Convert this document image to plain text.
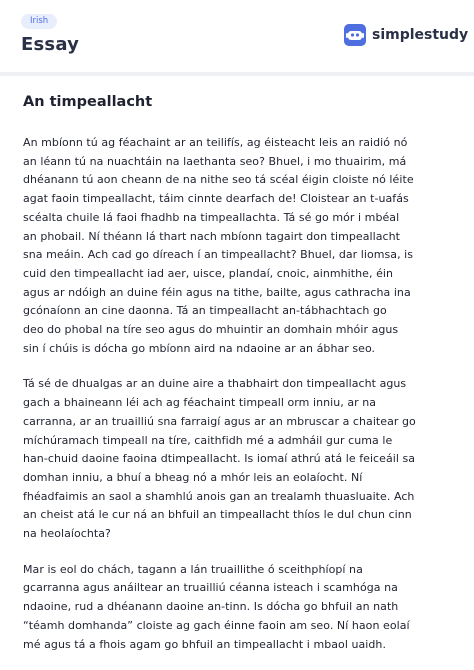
Irish
Essay	simplestudy
An timpeallacht

An mbíonn tú ag féachaint ar an teilifís, ag éisteacht leis an raidió nó
an léann tú na nuachtáin na laethanta seo? Bhuel, i mo thuairim, má
dhéanann tú aon cheann de na nithe seo tá scéal éigin cloiste nó léite
agat faoin timpeallacht, táim cinnte dearfach de! Cloistear an t-uafás
scéalta chuile lá faoi fhadhb na timpeallachta. Tá sé go mór i mbéal
an phobail. Ní théann lá thart nach mbíonn tagairt don timpeallacht
sna meáin. Ach cad go díreach í an timpeallacht? Bhuel, dar liomsa, is
cuid den timpeallacht iad aer, uisce, plandaí, cnoic, ainmhithe, éin
agus ar ndóigh an duine féin agus na tithe, bailte, agus cathracha ina
gcónaíonn an cine daonna. Tá an timpeallacht an-tábhachtach go
deo do phobal na tíre seo agus do mhuintir an domhain mhóir agus
sin í chúis is dócha go mbíonn aird na ndaoine ar an ábhar seo.

Tá sé de dhualgas ar an duine aire a thabhairt don timpeallacht agus
gach a bhaineann léi ach ag féachaint timpeall orm inniu, ar na
carranna, ar an truailliú sna farraigí agus ar an mbruscar a chaitear go
míchúramach timpeall na tíre, caithfidh mé a admháil gur cuma le
han-chuid daoine faoina dtimpeallacht. Is iomaí athrú atá le feiceáil sa
domhan inniu, a bhuí a bheag nó a mhór leis an eolaíocht. Ní
fhéadfaimis an saol a shamhlú anois gan an trealamh thuasluaite. Ach
an cheist atá le cur ná an bhfuil an timpeallacht thíos le dul chun cinn
na heolaíochta?

Mar is eol do chách, tagann a lán truaillithe ó sceithphíopí na
gcarranna agus anáiltear an truailliú céanna isteach i scamhóga na
ndaoine, rud a dhéanann daoine an-tinn. Is dócha go bhfuil an nath
“téamh domhanda” cloiste ag gach éinne faoin am seo. Ní haon eolaí
mé agus tá a fhois agam go bhfuil an timpeallacht i mbaol uaidh.
